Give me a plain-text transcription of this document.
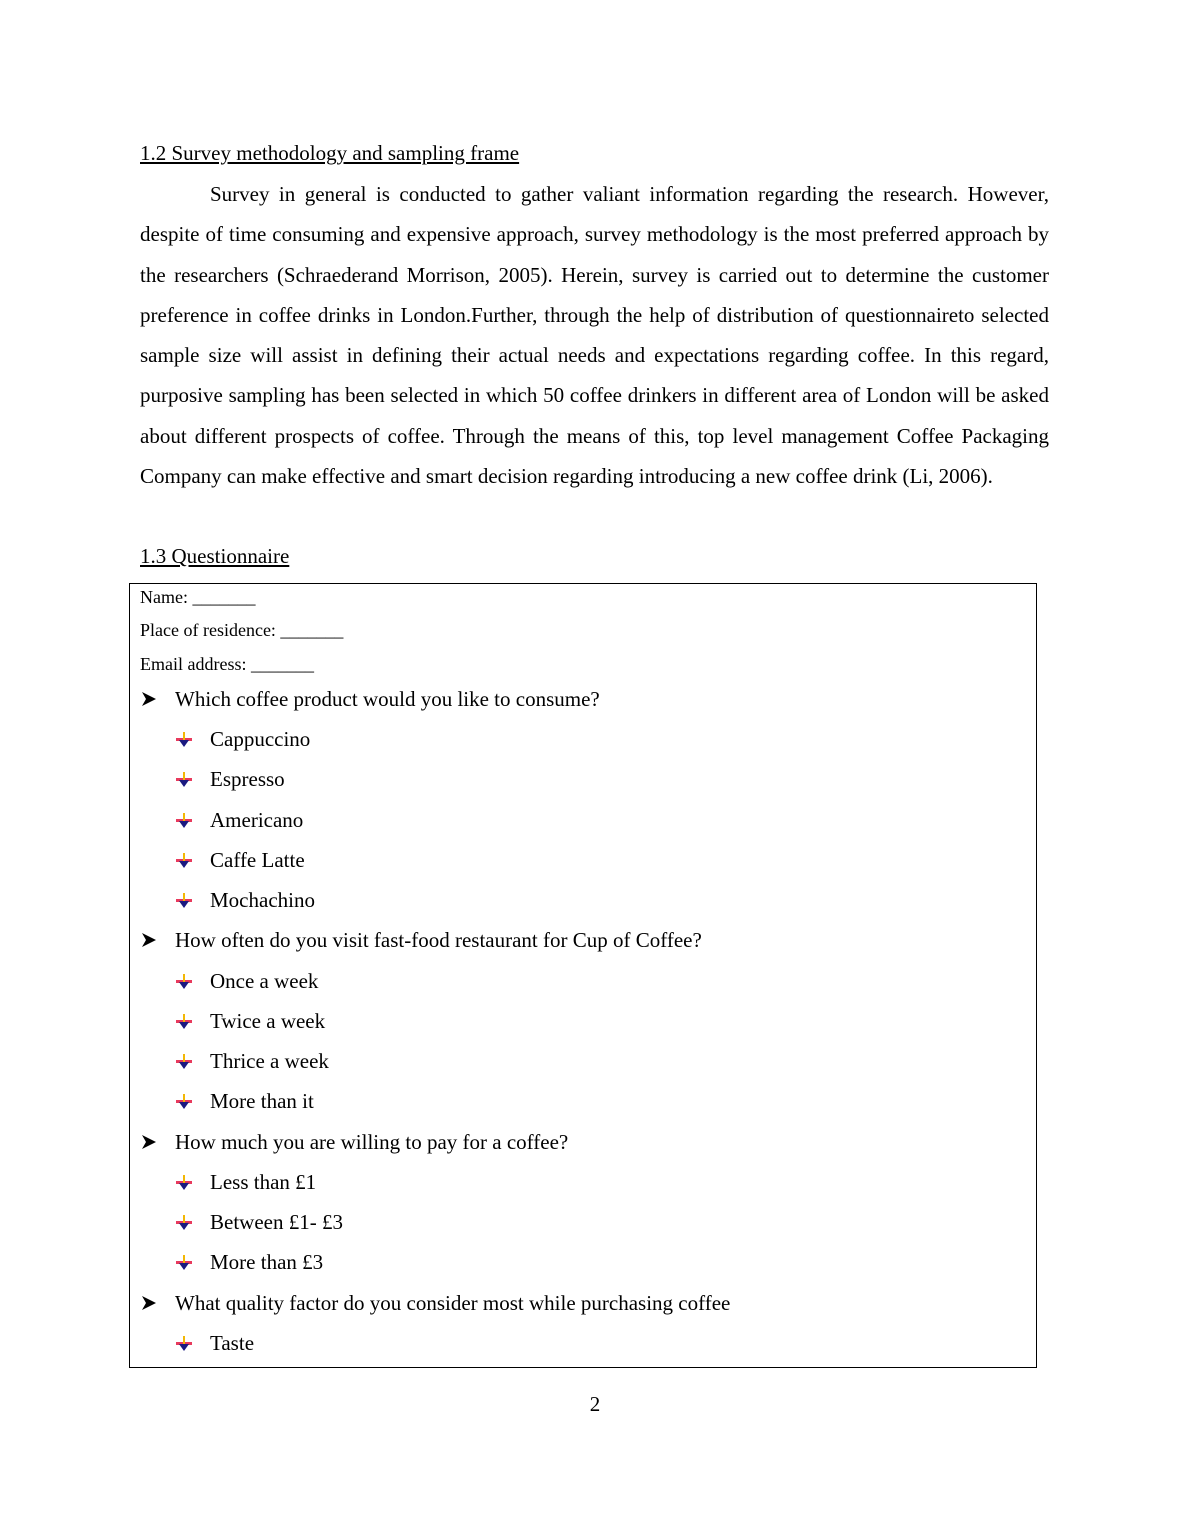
1.2 Survey methodology and sampling frame

Survey in general is conducted to gather valiant information regarding the research. However, despite of time consuming and expensive approach, survey methodology is the most preferred approach by the researchers (Schraederand Morrison, 2005). Herein, survey is carried out to determine the customer preference in coffee drinks in London.Further, through the help of distribution of questionnaireto selected sample size will assist in defining their actual needs and expectations regarding coffee. In this regard, purposive sampling has been selected in which 50 coffee drinkers in different area of London will be asked about different prospects of coffee. Through the means of this, top level management Coffee Packaging Company can make effective and smart decision regarding introducing a new coffee drink (Li, 2006).

1.3 Questionnaire
Name: _______
Place of residence: _______
Email address: _______
Which coffee product would you like to consume?
Cappuccino
Espresso
Americano
Caffe Latte
Mochachino
How often do you visit fast-food restaurant for Cup of Coffee?
Once a week
Twice a week
Thrice a week
More than it
How much you are willing to pay for a coffee?
Less than £1
Between £1- £3
More than £3
What quality factor do you consider most while purchasing coffee
Taste
2
